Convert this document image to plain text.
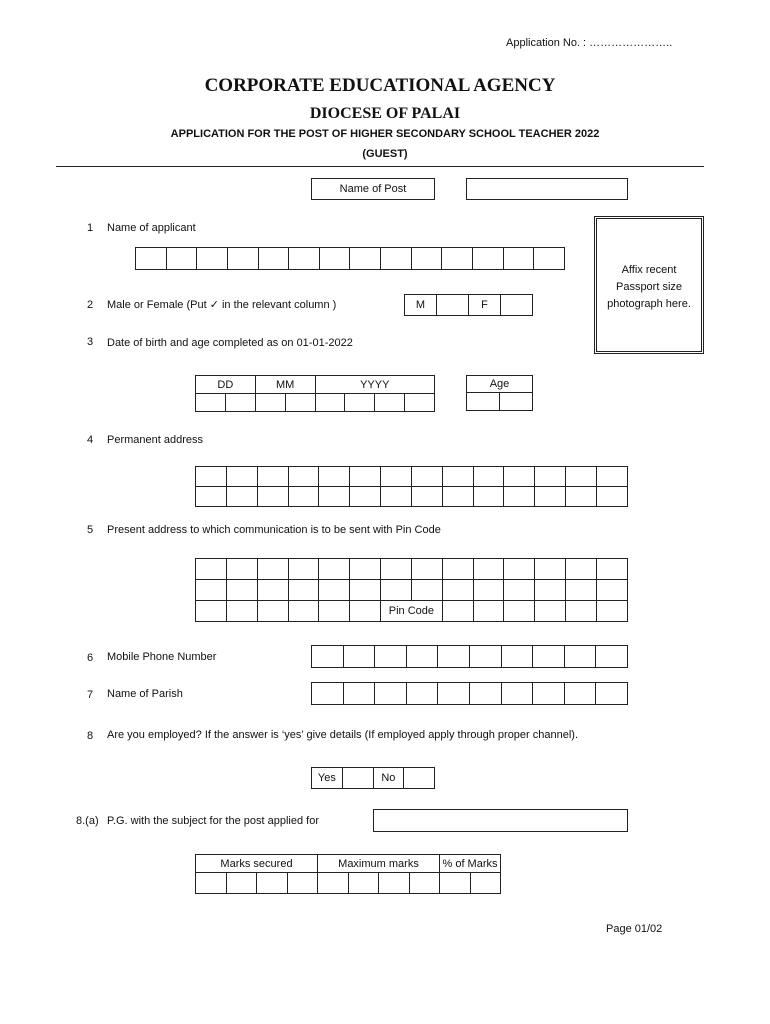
Application No. : …………………..
CORPORATE EDUCATIONAL AGENCY
DIOCESE OF PALAI
APPLICATION FOR THE POST OF HIGHER SECONDARY SCHOOL TEACHER 2022
(GUEST)
Name of Post
Affix recent
Passport size
photograph here.
1 Name of applicant

2 Male or Female (Put ✓ in the relevant column )	M		F	
3 Date of birth and age completed as on 01-01-2022
DD		MM		YYYY			
								Age

4 Permanent address

5 Present address to which communication is to be sent with Pin Code

						Pin Code							
6 Mobile Phone Number

7 Name of Parish

8 Are you employed? If the answer is ‘yes’ give details (If employed apply through proper channel).
Yes		No	
8.(a) P.G. with the subject for the post applied for
Marks secured				Maximum marks				% of Marks	

Page 01/02
